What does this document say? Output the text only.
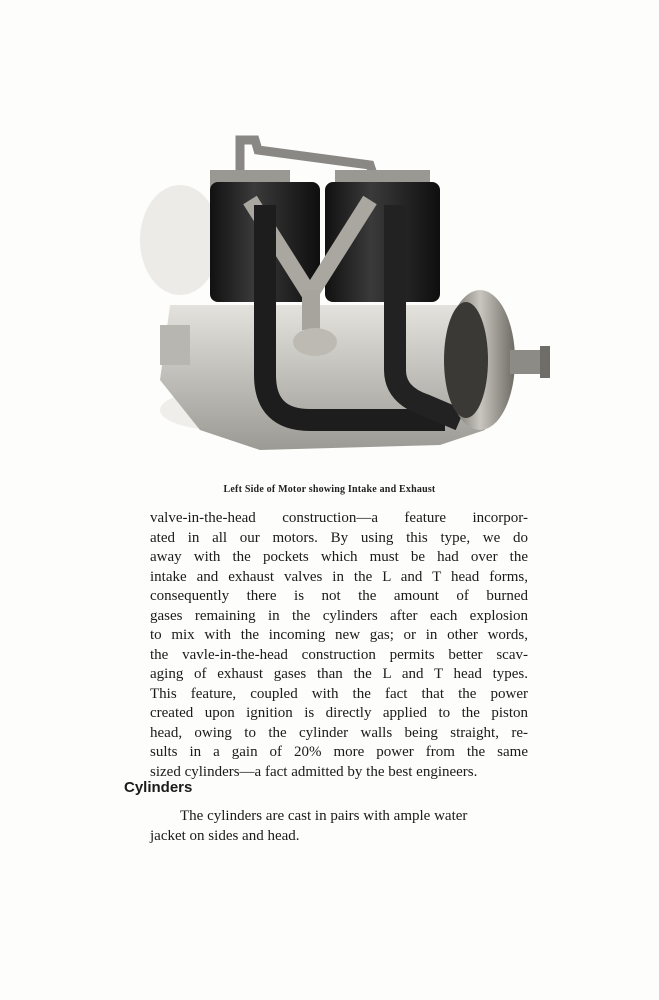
Left Side of Motor showing Intake and Exhaust
valve-in-the-head construction—a feature incorpor-
ated in all our motors. By using this type, we do
away with the pockets which must be had over the
intake and exhaust valves in the L and T head forms,
consequently there is not the amount of burned
gases remaining in the cylinders after each explosion
to mix with the incoming new gas; or in other words,
the vavle-in-the-head construction permits better scav-
aging of exhaust gases than the L and T head types.
This feature, coupled with the fact that the power
created upon ignition is directly applied to the piston
head, owing to the cylinder walls being straight, re-
sults in a gain of 20% more power from the same
sized cylinders—a fact admitted by the best engineers.
Cylinders
The cylinders are cast in pairs with ample water
jacket on sides and head.
